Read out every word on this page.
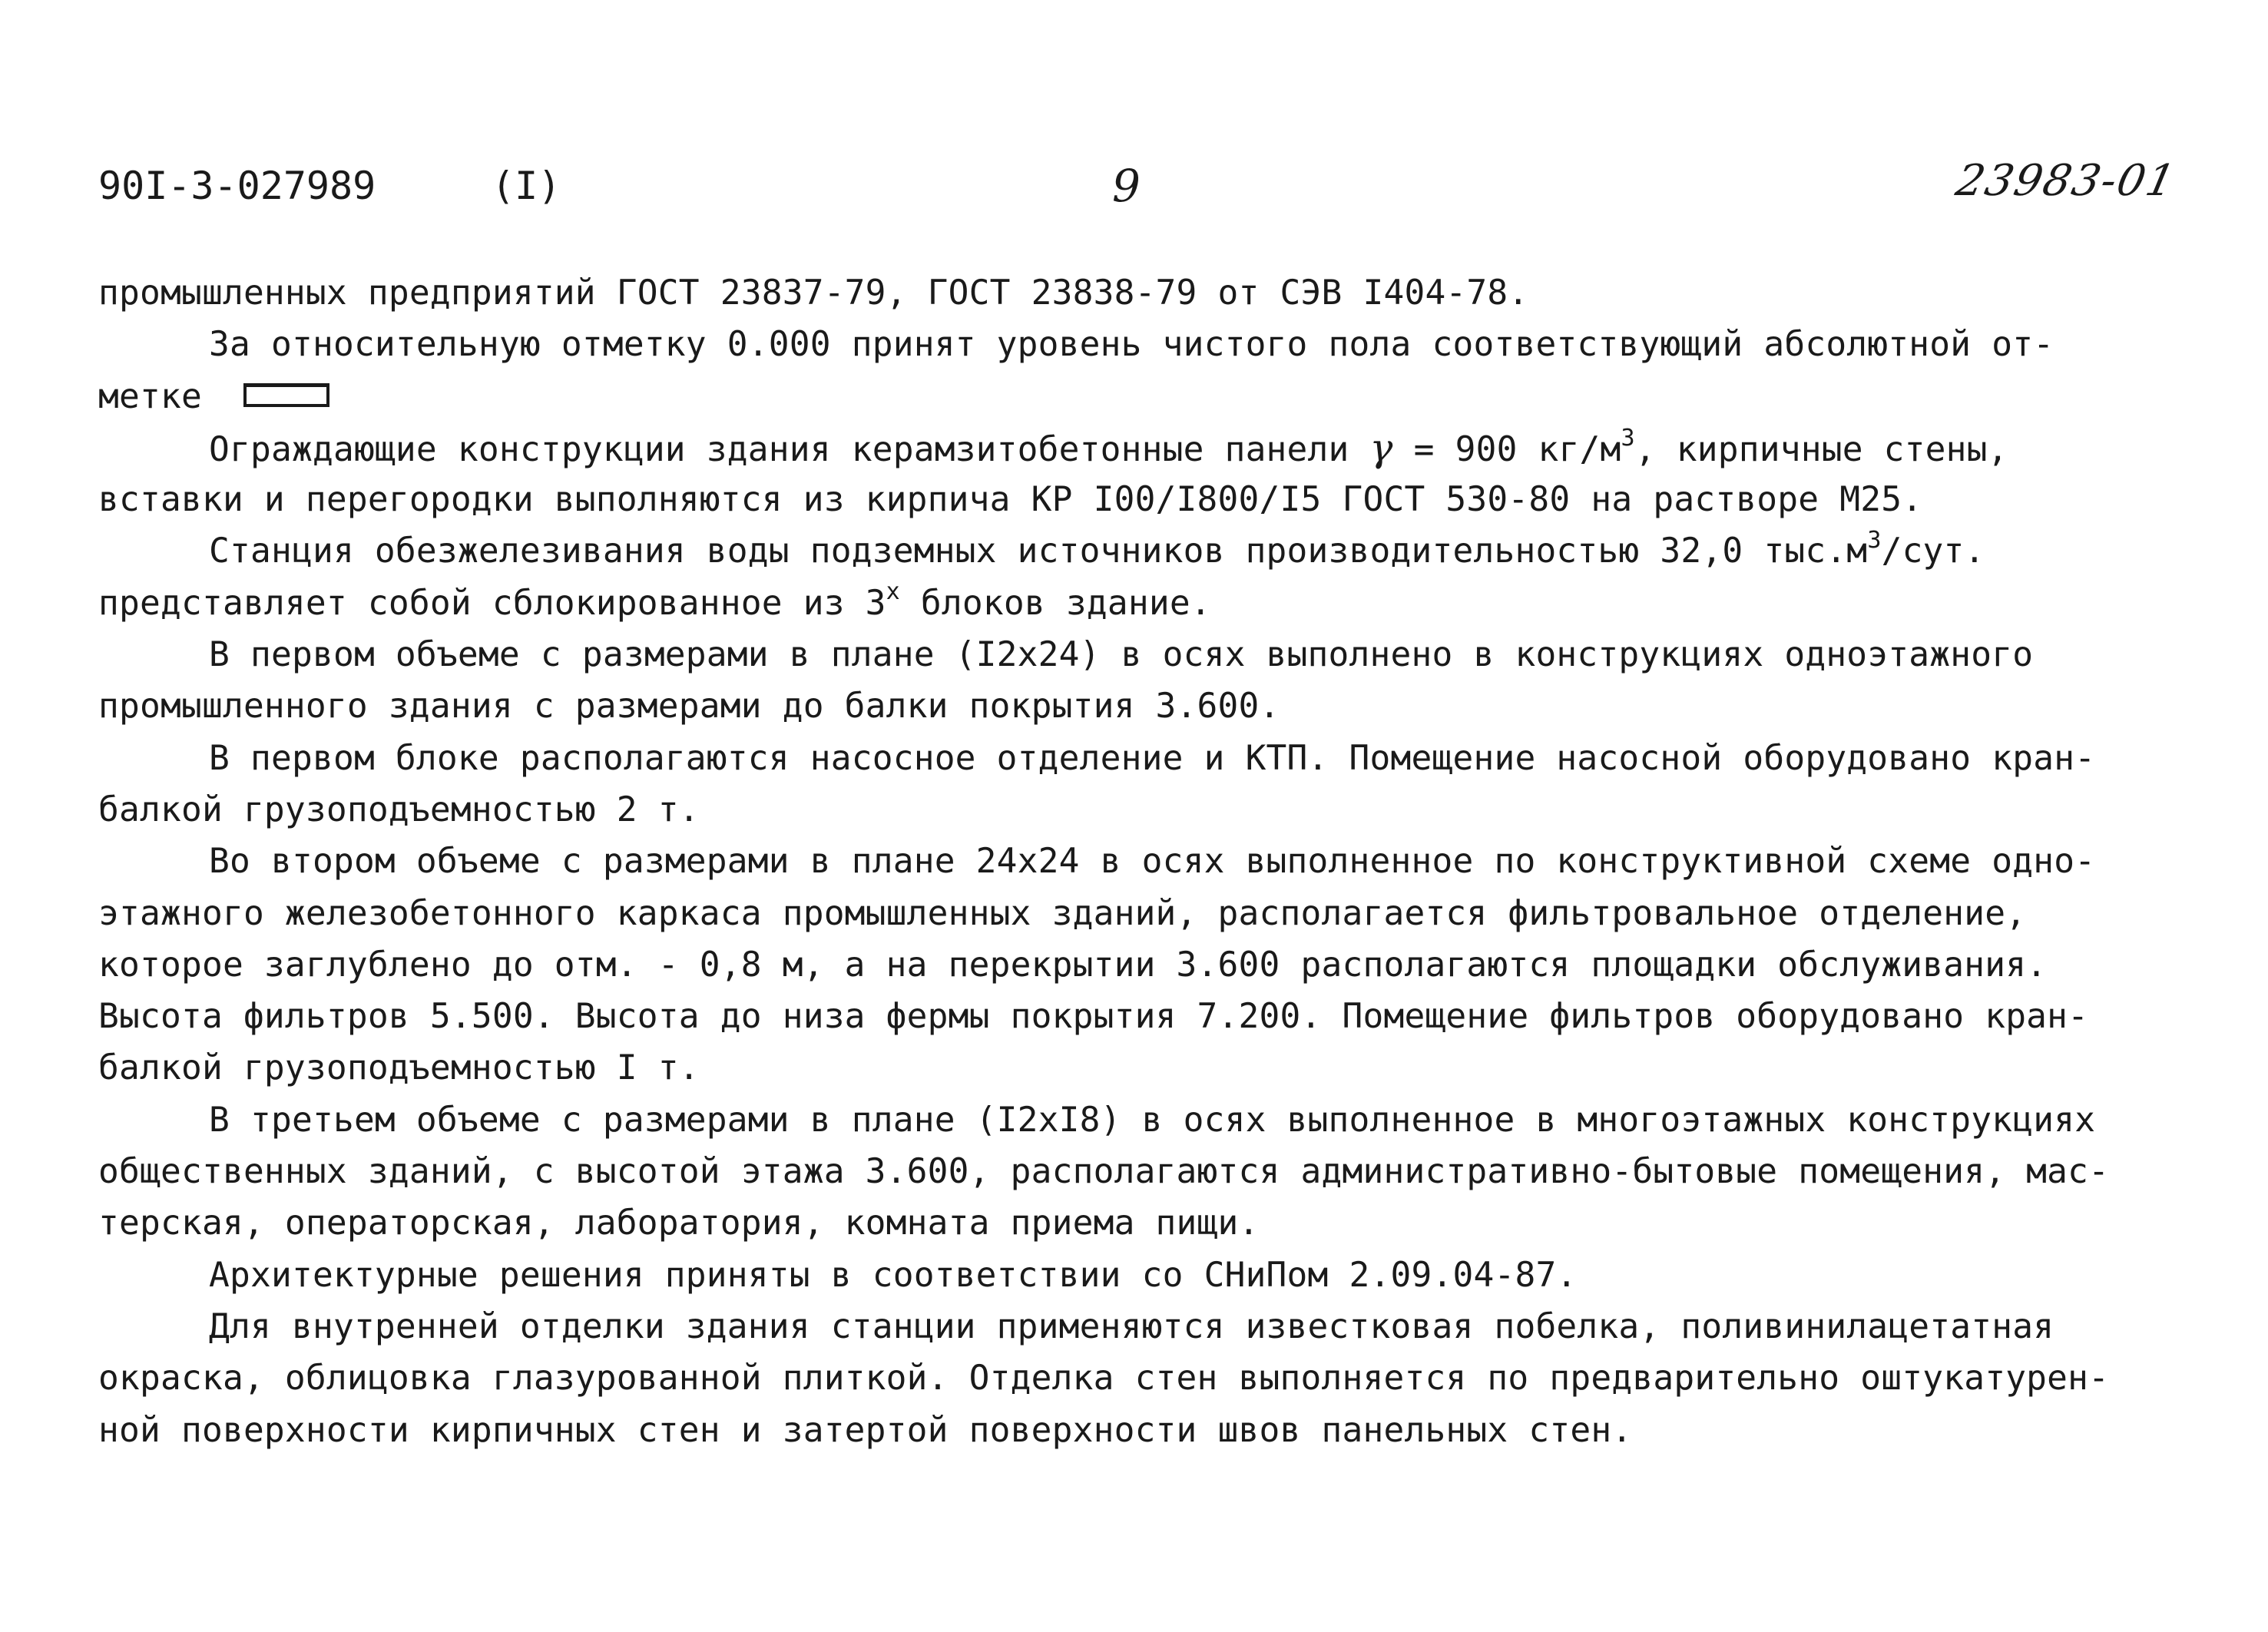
90I-3-027989	(I)	9	23983-01
промышленных предприятий ГОСТ 23837-79, ГОСТ 23838-79 от СЭВ I404-78.
За относительную отметку 0.000 принят уровень чистого пола соответствующий абсолютной от-
метке
Ограждающие конструкции здания керамзитобетонные панели γ = 900 $кг/м^3$, кирпичные стены,
вставки и перегородки выполняются из кирпича КР I00/I800/I5 ГОСТ 530-80 на растворе М25.
Станция обезжелезивания воды подземных источников производительностью 32,0 $тыс.м^3$/сут.
представляет собой сблокированное из $3^х$ блоков здание.
В первом объеме с размерами в плане (I2х24) в осях выполнено в конструкциях одноэтажного
промышленного здания с размерами до балки покрытия 3.600.
В первом блоке располагаются насосное отделение и КТП. Помещение насосной оборудовано кран-
балкой грузоподъемностью 2 т.
Во втором объеме с размерами в плане 24х24 в осях выполненное по конструктивной схеме одно-
этажного железобетонного каркаса промышленных зданий, располагается фильтровальное отделение,
которое заглублено до отм. - 0,8 м, а на перекрытии 3.600 располагаются площадки обслуживания.
Высота фильтров 5.500. Высота до низа фермы покрытия 7.200. Помещение фильтров оборудовано кран-
балкой грузоподъемностью I т.
В третьем объеме с размерами в плане (I2хI8) в осях выполненное в многоэтажных конструкциях
общественных зданий, с высотой этажа 3.600, располагаются административно-бытовые помещения, мас-
терская, операторская, лаборатория, комната приема пищи.
Архитектурные решения приняты в соответствии со СНиПом 2.09.04-87.
Для внутренней отделки здания станции применяются известковая побелка, поливинилацетатная
окраска, облицовка глазурованной плиткой. Отделка стен выполняется по предварительно оштукатурен-
ной поверхности кирпичных стен и затертой поверхности швов панельных стен.
